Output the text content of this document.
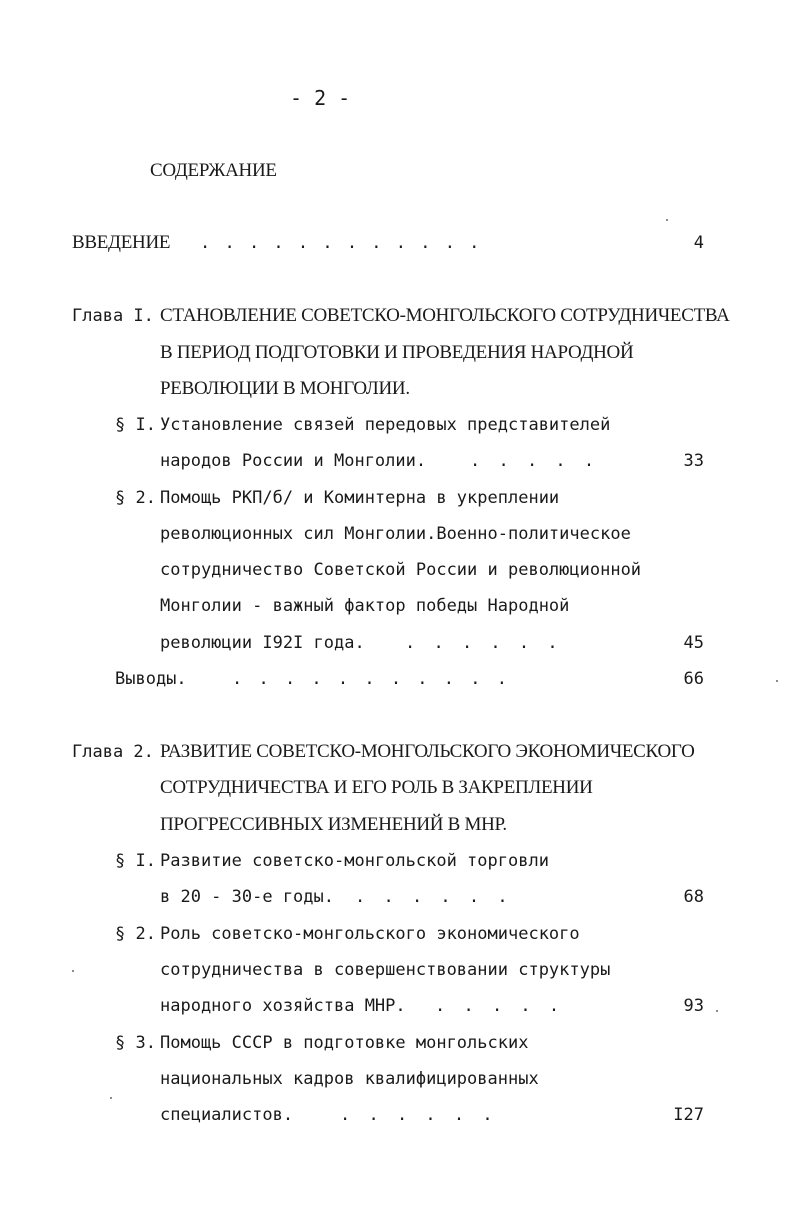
- 2 -
СОДЕРЖАНИЕ
ВВЕДЕНИЕ . . . . . . . . . . . .	4
Глава I. СТАНОВЛЕНИЕ СОВЕТСКО-МОНГОЛЬСКОГО СОТРУДНИЧЕСТВА
В ПЕРИОД ПОДГОТОВКИ И ПРОВЕДЕНИЯ НАРОДНОЙ
РЕВОЛЮЦИИ В МОНГОЛИИ.
§ I. Установление связей передовых представителей
народов России и Монголии.	. . . . .	33
§ 2. Помощь РКП/б/ и Коминтерна в укреплении
революционных сил Монголии.Военно-политическое
сотрудничество Советской России и революционной
Монголии - важный фактор победы Народной
революции I92I года. . . . . . .	45
Выводы.	. . . . . . . . . . .	66
Глава 2. РАЗВИТИЕ СОВЕТСКО-МОНГОЛЬСКОГО ЭКОНОМИЧЕСКОГО
СОТРУДНИЧЕСТВА И ЕГО РОЛЬ В ЗАКРЕПЛЕНИИ
ПРОГРЕССИВНЫХ ИЗМЕНЕНИЙ В МНР.
§ I. Развитие советско-монгольской торговли
в 20 - 30-е годы. . . . . . .	68
§ 2. Роль советско-монгольского экономического
сотрудничества в совершенствовании структуры
народного хозяйства МНР. . . . . .	93
§ 3. Помощь СССР в подготовке монгольских
национальных кадров квалифицированных
специалистов.	. . . . . .	I27
